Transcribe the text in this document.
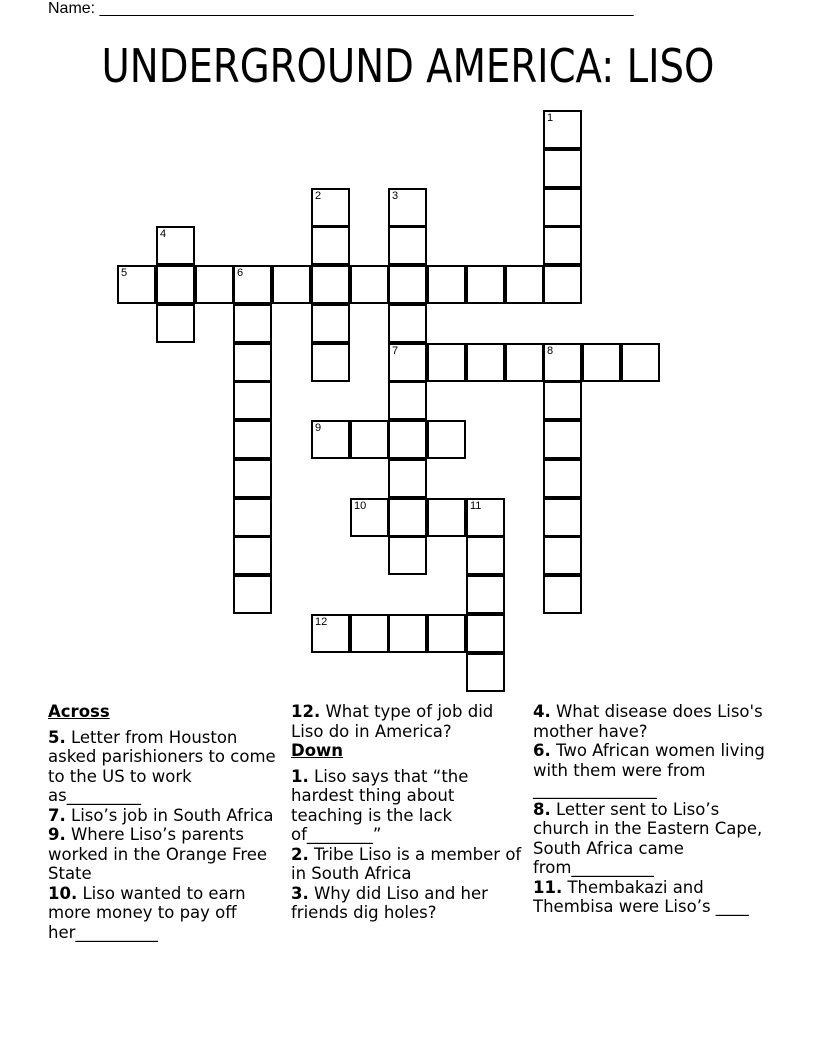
Name: ____________________________________________________________
UNDERGROUND AMERICA: LISO
1
2	3
4
5	6
7	8
9
10	11
12
Across
5. Letter from Houston asked parishioners to come to the US to work as_________
7. Liso’s job in South Africa
9. Where Liso’s parents worked in the Orange Free State
10. Liso wanted to earn more money to pay off her__________
12. What type of job did Liso do in America?
Down
1. Liso says that “the hardest thing about teaching is the lack of________”
2. Tribe Liso is a member of in South Africa
3. Why did Liso and her friends dig holes?
4. What disease does Liso's mother have?
6. Two African women living with them were from _______________
8. Letter sent to Liso’s church in the Eastern Cape, South Africa came from__________
11. Thembakazi and Thembisa were Liso’s ____
